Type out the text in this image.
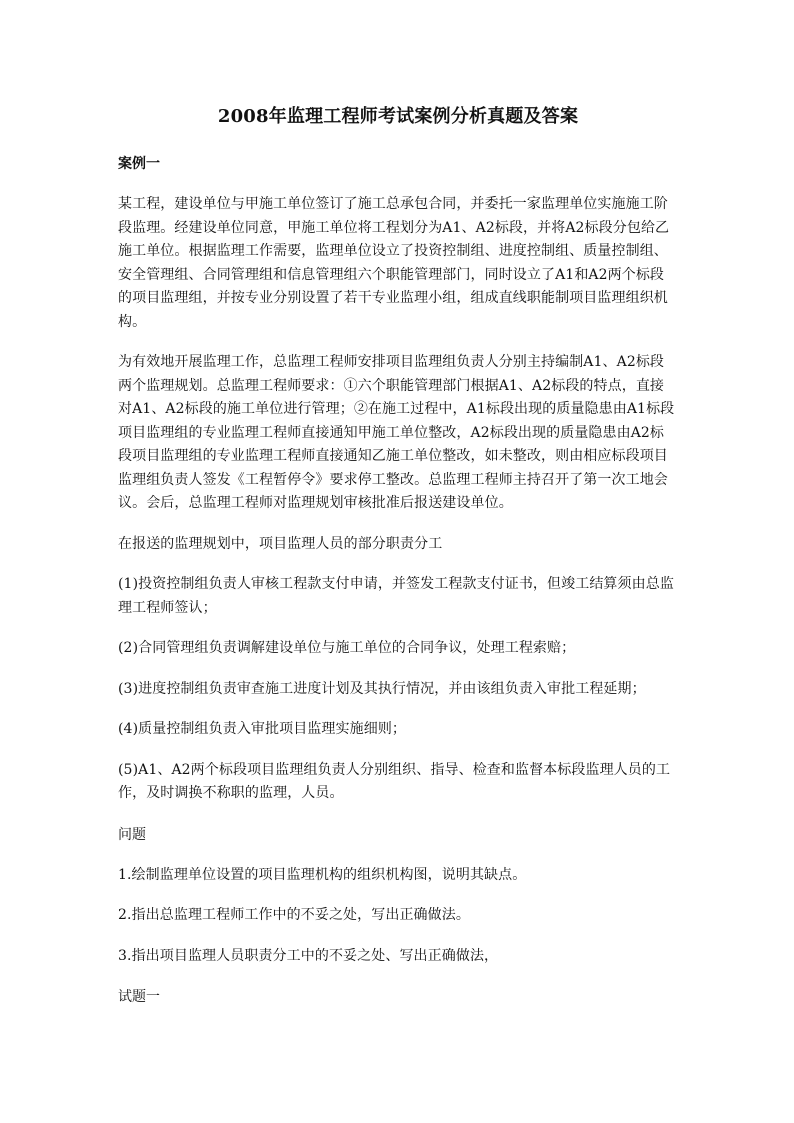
2008年监理工程师考试案例分析真题及答案
案例一

某工程，建设单位与甲施工单位签订了施工总承包合同，并委托一家监理单位实施施工阶段监理。经建设单位同意，甲施工单位将工程划分为A1、A2标段，并将A2标段分包给乙施工单位。根据监理工作需要，监理单位设立了投资控制组、进度控制组、质量控制组、安全管理组、合同管理组和信息管理组六个职能管理部门，同时设立了A1和A2两个标段的项目监理组，并按专业分别设置了若干专业监理小组，组成直线职能制项目监理组织机构。

为有效地开展监理工作，总监理工程师安排项目监理组负责人分别主持编制A1、A2标段两个监理规划。总监理工程师要求：①六个职能管理部门根据A1、A2标段的特点，直接对A1、A2标段的施工单位进行管理；②在施工过程中，A1标段出现的质量隐患由A1标段项目监理组的专业监理工程师直接通知甲施工单位整改，A2标段出现的质量隐患由A2标段项目监理组的专业监理工程师直接通知乙施工单位整改，如未整改，则由相应标段项目监理组负责人签发《工程暂停令》要求停工整改。总监理工程师主持召开了第一次工地会议。会后，总监理工程师对监理规划审核批准后报送建设单位。

在报送的监理规划中，项目监理人员的部分职责分工

(1)投资控制组负责人审核工程款支付申请，并签发工程款支付证书，但竣工结算须由总监理工程师签认；

(2)合同管理组负责调解建设单位与施工单位的合同争议，处理工程索赔；

(3)进度控制组负责审查施工进度计划及其执行情况，并由该组负责入审批工程延期；

(4)质量控制组负责入审批项目监理实施细则；

(5)A1、A2两个标段项目监理组负责人分别组织、指导、检查和监督本标段监理人员的工作，及时调换不称职的监理，人员。

问题

1.绘制监理单位设置的项目监理机构的组织机构图，说明其缺点。

2.指出总监理工程师工作中的不妥之处，写出正确做法。

3.指出项目监理人员职责分工中的不妥之处、写出正确做法，

试题一
